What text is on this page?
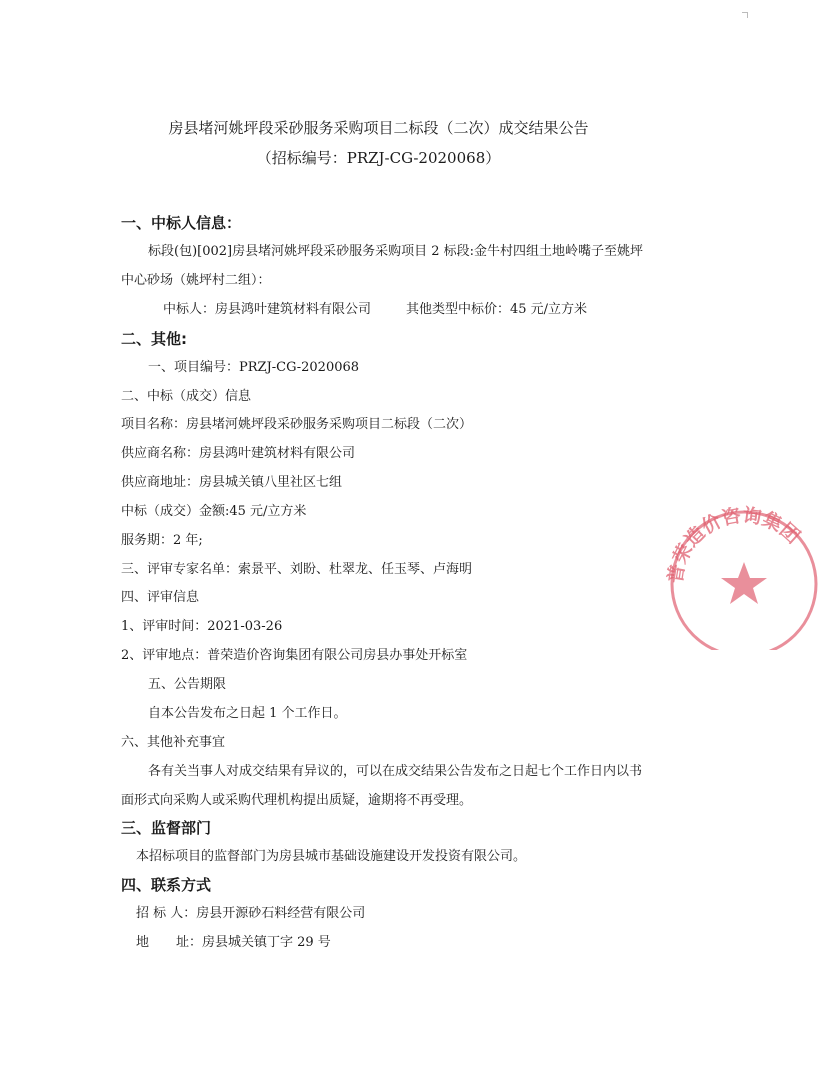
房县堵河姚坪段采砂服务采购项目二标段（二次）成交结果公告
（招标编号：PRZJ-CG-2020068）
一、中标人信息：
标段(包)[002]房县堵河姚坪段采砂服务采购项目 2 标段:金牛村四组土地岭嘴子至姚坪
中心砂场（姚坪村二组）：
中标人：房县鸿叶建筑材料有限公司	其他类型中标价：45 元/立方米
二、其他:
一、项目编号：PRZJ-CG-2020068
二、中标（成交）信息
项目名称：房县堵河姚坪段采砂服务采购项目二标段（二次）
供应商名称：房县鸿叶建筑材料有限公司
供应商地址：房县城关镇八里社区七组
中标（成交）金额:45 元/立方米
服务期：2 年;
三、评审专家名单：索景平、刘盼、杜翠龙、任玉琴、卢海明
四、评审信息
1、评审时间：2021-03-26
2、评审地点：普荣造价咨询集团有限公司房县办事处开标室
五、公告期限
自本公告发布之日起 1 个工作日。
六、其他补充事宜
各有关当事人对成交结果有异议的，可以在成交结果公告发布之日起七个工作日内以书
面形式向采购人或采购代理机构提出质疑，逾期将不再受理。
三、监督部门
本招标项目的监督部门为房县城市基础设施建设开发投资有限公司。
四、联系方式
招 标 人：房县开源砂石料经营有限公司
地 址：房县城关镇丁字 29 号
普荣造价咨询集团
